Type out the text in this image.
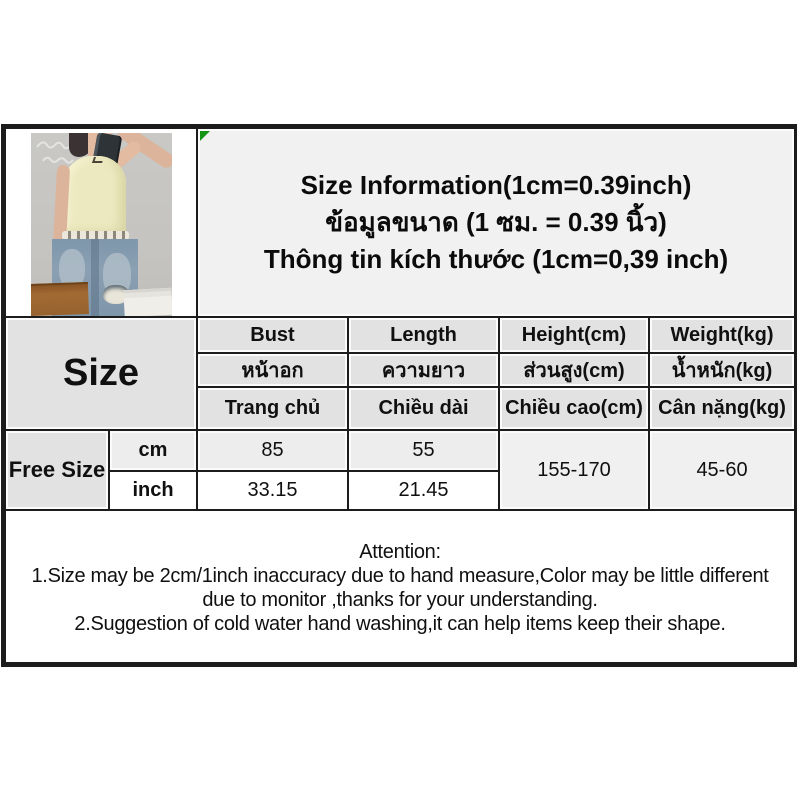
Size Information(1cm=0.39inch)
ข้อมูลขนาด (1 ซม. = 0.39 นิ้ว)
Thông tin kích thước (1cm=0,39 inch)			

Size		Bust	Length	Height(cm)	Weight(kg)
		หน้าอก	ความยาว	ส่วนสูง(cm)	น้ำหนัก(kg)
		Trang chủ	Chiều dài	Chiều cao(cm)	Cân nặng(kg)
Free Size	cm	85	55	155-170	45-60
	inch	33.15	21.45		

Attention:
1.Size may be 2cm/1inch inaccuracy due to hand measure,Color may be little different
due to monitor ,thanks for your understanding.
2.Suggestion of cold water hand washing,it can help items keep their shape.					
